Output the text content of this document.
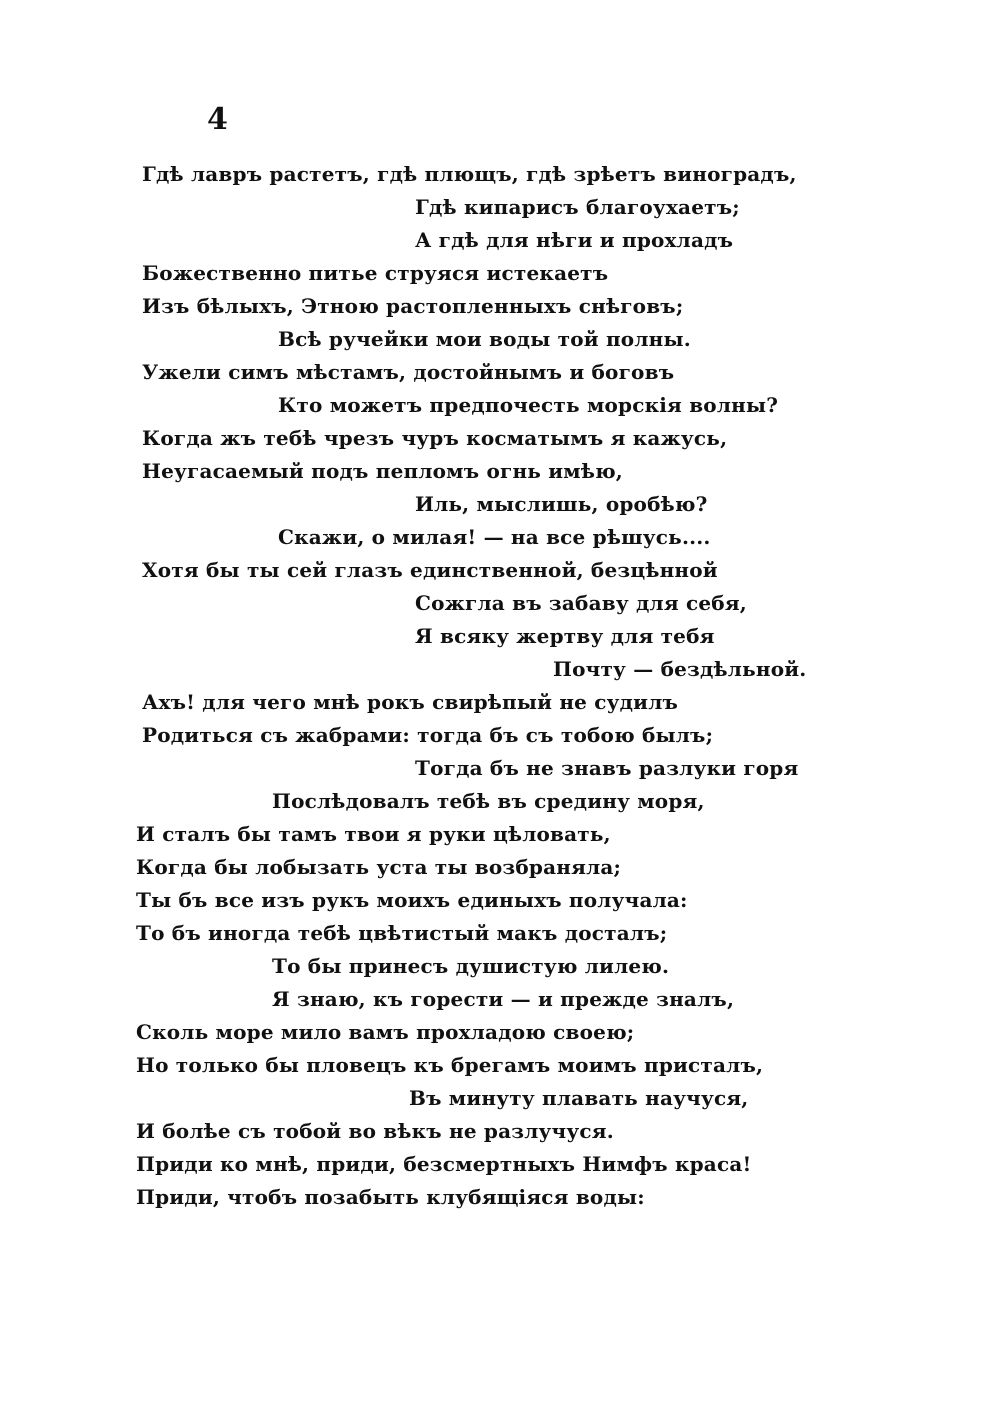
4
Гдѣ лавръ растетъ, гдѣ плющъ, гдѣ зрѣетъ виноградъ,
Гдѣ кипарисъ благоухаетъ;
А гдѣ для нѣги и прохладъ
Божественно питье струяся истекаетъ
Изъ бѣлыхъ, Этною растопленныхъ снѣговъ;
Всѣ ручейки мои воды той полны.
Ужели симъ мѣстамъ, достойнымъ и боговъ
Кто можетъ предпочесть морскія волны?
Когда жъ тебѣ чрезъ чуръ косматымъ я кажусь,
Неугасаемый подъ пепломъ огнь имѣю,
Иль, мыслишь, оробѣю?
Скажи, о милая! — на все рѣшусь....
Хотя бы ты сей глазъ единственной, безцѣнной
Сожгла въ забаву для себя,
Я всяку жертву для тебя
Почту — бездѣльной.
Ахъ! для чего мнѣ рокъ свирѣпый не судилъ
Родиться съ жабрами: тогда бъ съ тобою былъ;
Тогда бъ не знавъ разлуки горя
Послѣдовалъ тебѣ въ средину моря,
И сталъ бы тамъ твои я руки цѣловать,
Когда бы лобызать уста ты возбраняла;
Ты бъ все изъ рукъ моихъ единыхъ получала:
То бъ иногда тебѣ цвѣтистый макъ досталъ;
То бы принесъ душистую лилею.
Я знаю, къ горести — и прежде зналъ,
Сколь море мило вамъ прохладою своею;
Но только бы пловецъ къ брегамъ моимъ присталъ,
Въ минуту плавать научуся,
И болѣе съ тобой во вѣкъ не разлучуся.
Приди ко мнѣ, приди, безсмертныхъ Нимфъ краса!
Приди, чтобъ позабыть клубящіяся воды:
